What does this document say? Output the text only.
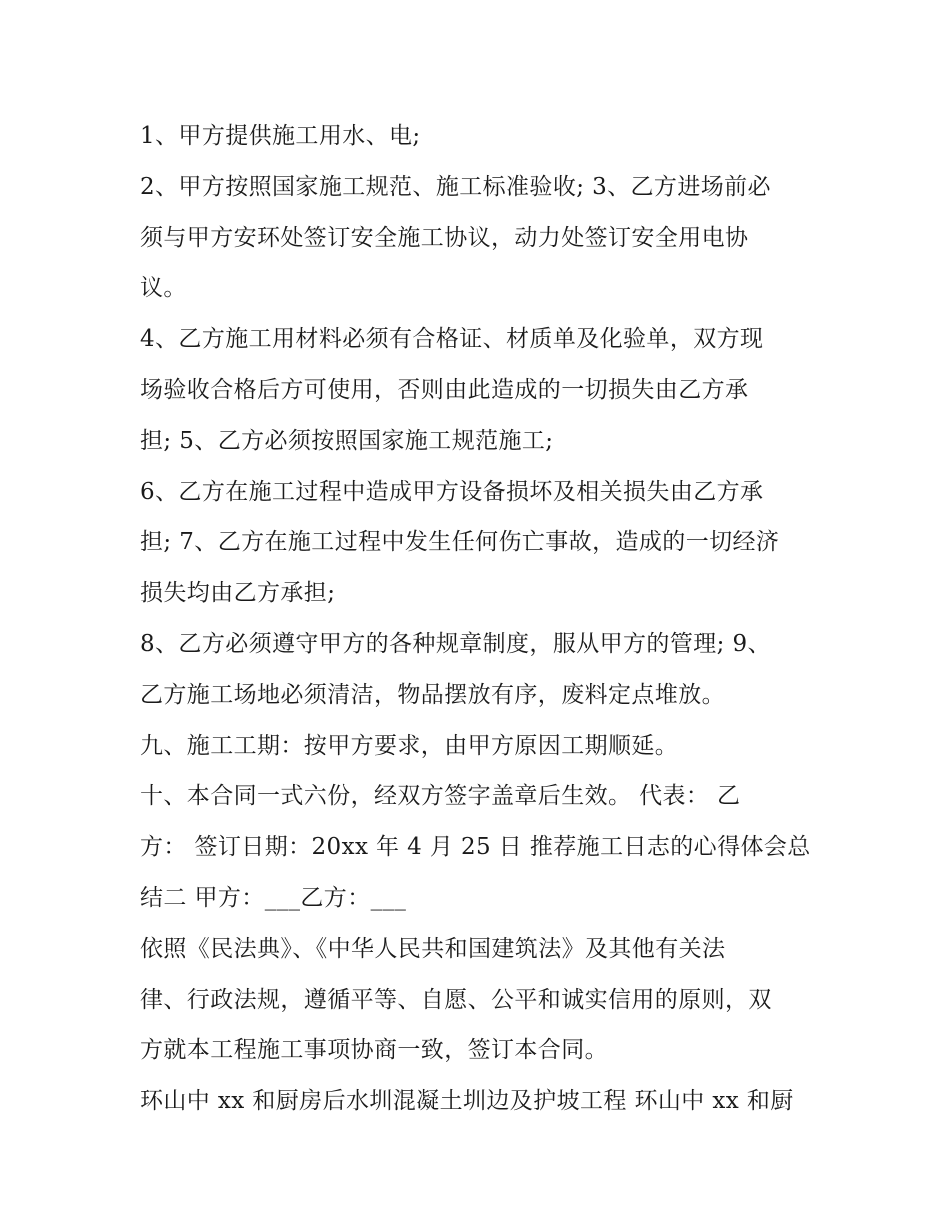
1、甲方提供施工用水、电;
2、甲方按照国家施工规范、施工标准验收; 3、乙方进场前必
须与甲方安环处签订安全施工协议，动力处签订安全用电协
议。
4、乙方施工用材料必须有合格证、材质单及化验单，双方现
场验收合格后方可使用，否则由此造成的一切损失由乙方承
担; 5、乙方必须按照国家施工规范施工;
6、乙方在施工过程中造成甲方设备损坏及相关损失由乙方承
担; 7、乙方在施工过程中发生任何伤亡事故，造成的一切经济
损失均由乙方承担;
8、乙方必须遵守甲方的各种规章制度，服从甲方的管理; 9、
乙方施工场地必须清洁，物品摆放有序，废料定点堆放。
九、施工工期：按甲方要求，由甲方原因工期顺延。
十、本合同一式六份，经双方签字盖章后生效。 代表： 乙
方： 签订日期：20xx 年 4 月 25 日 推荐施工日志的心得体会总
结二 甲方：___乙方：___
依照《民法典》、《中华人民共和国建筑法》及其他有关法
律、行政法规，遵循平等、自愿、公平和诚实信用的原则，双
方就本工程施工事项协商一致，签订本合同。
环山中 xx 和厨房后水圳混凝土圳边及护坡工程 环山中 xx 和厨
